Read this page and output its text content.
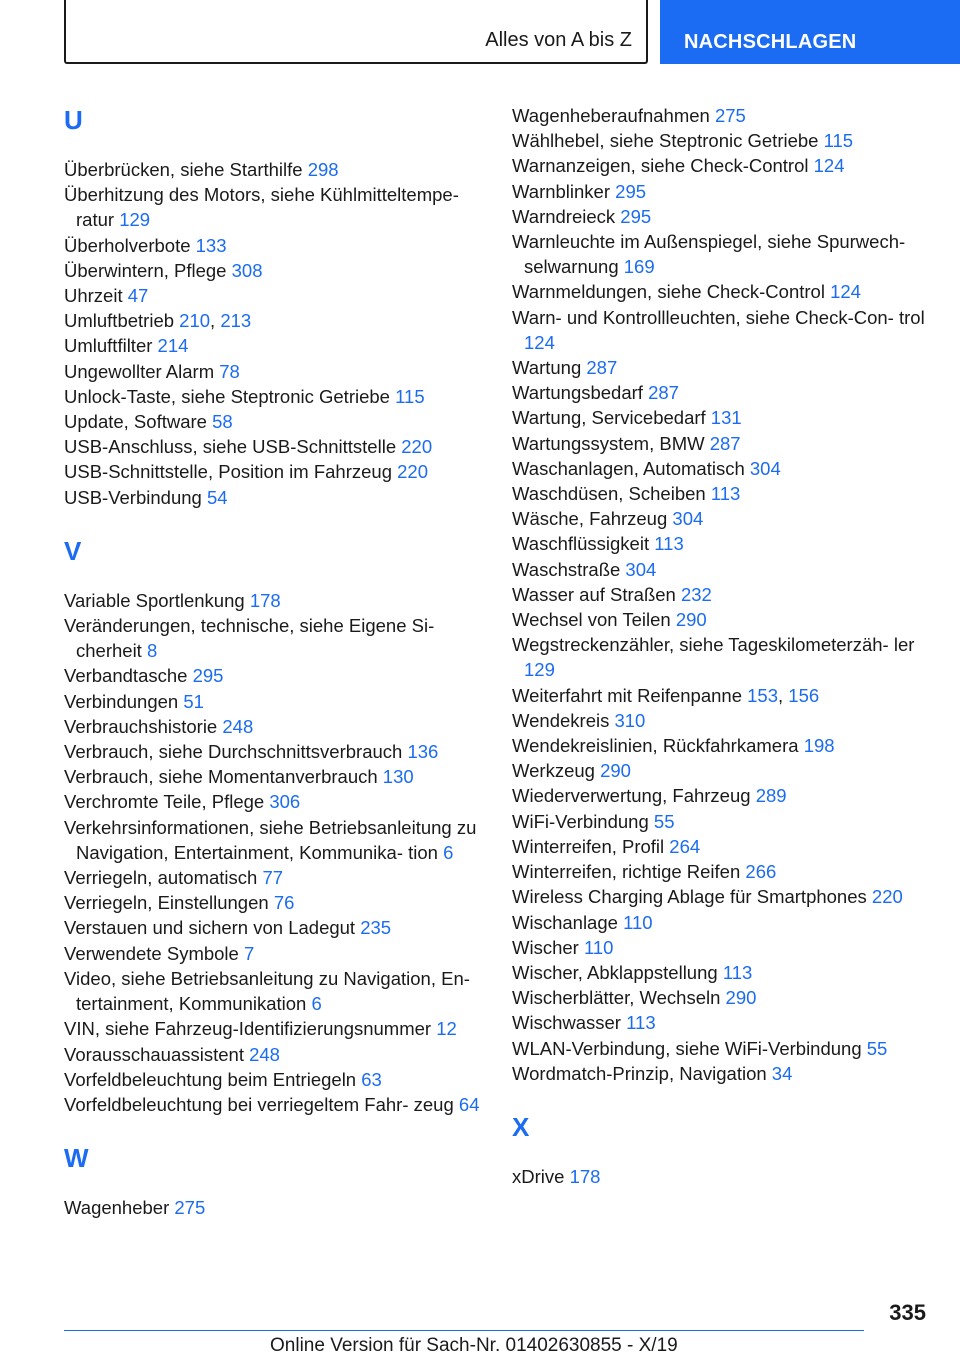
Alles von A bis Z	NACHSCHLAGEN
U
Überbrücken, siehe Starthilfe 298
Überhitzung des Motors, siehe Kühlmitteltempe‐ ratur 129
Überholverbote 133
Überwintern, Pflege 308
Uhrzeit 47
Umluftbetrieb 210, 213
Umluftfilter 214
Ungewollter Alarm 78
Unlock-Taste, siehe Steptronic Getriebe 115
Update, Software 58
USB-Anschluss, siehe USB-Schnittstelle 220
USB-Schnittstelle, Position im Fahrzeug 220
USB-Verbindung 54
V
Variable Sportlenkung 178
Veränderungen, technische, siehe Eigene Si‐ cherheit 8
Verbandtasche 295
Verbindungen 51
Verbrauchshistorie 248
Verbrauch, siehe Durchschnittsverbrauch 136
Verbrauch, siehe Momentanverbrauch 130
Verchromte Teile, Pflege 306
Verkehrsinformationen, siehe Betriebsanleitung zu Navigation, Entertainment, Kommunika‐ tion 6
Verriegeln, automatisch 77
Verriegeln, Einstellungen 76
Verstauen und sichern von Ladegut 235
Verwendete Symbole 7
Video, siehe Betriebsanleitung zu Navigation, En‐ tertainment, Kommunikation 6
VIN, siehe Fahrzeug-Identifizierungsnummer 12
Vorausschauassistent 248
Vorfeldbeleuchtung beim Entriegeln 63
Vorfeldbeleuchtung bei verriegeltem Fahr‐ zeug 64
W
Wagenheber 275
Wagenheberaufnahmen 275
Wählhebel, siehe Steptronic Getriebe 115
Warnanzeigen, siehe Check-Control 124
Warnblinker 295
Warndreieck 295
Warnleuchte im Außenspiegel, siehe Spurwech‐ selwarnung 169
Warnmeldungen, siehe Check-Control 124
Warn- und Kontrollleuchten, siehe Check-Con‐ trol 124
Wartung 287
Wartungsbedarf 287
Wartung, Servicebedarf 131
Wartungssystem, BMW 287
Waschanlagen, Automatisch 304
Waschdüsen, Scheiben 113
Wäsche, Fahrzeug 304
Waschflüssigkeit 113
Waschstraße 304
Wasser auf Straßen 232
Wechsel von Teilen 290
Wegstreckenzähler, siehe Tageskilometerzäh‐ ler 129
Weiterfahrt mit Reifenpanne 153, 156
Wendekreis 310
Wendekreislinien, Rückfahrkamera 198
Werkzeug 290
Wiederverwertung, Fahrzeug 289
WiFi-Verbindung 55
Winterreifen, Profil 264
Winterreifen, richtige Reifen 266
Wireless Charging Ablage für Smartphones 220
Wischanlage 110
Wischer 110
Wischer, Abklappstellung 113
Wischerblätter, Wechseln 290
Wischwasser 113
WLAN-Verbindung, siehe WiFi-Verbindung 55
Wordmatch-Prinzip, Navigation 34
X
xDrive 178
335
Online Version für Sach-Nr. 01402630855 - X/19
